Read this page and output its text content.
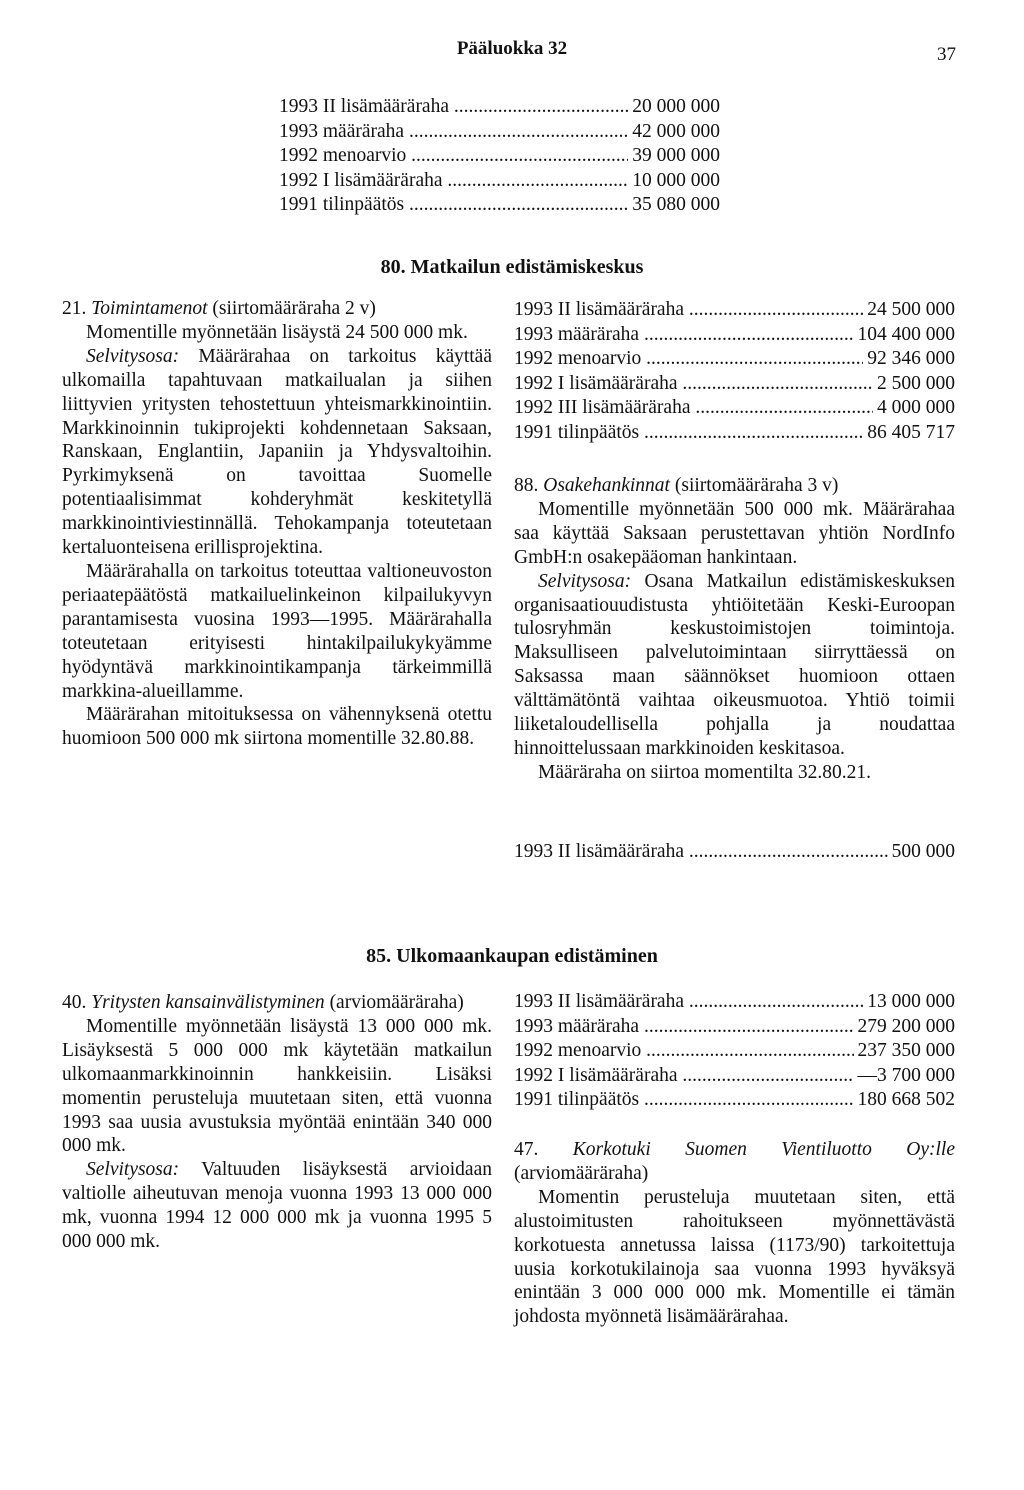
Pääluokka 32	37
1993 II lisämääräraha .....	20 000 000
1993 määräraha .....	42 000 000
1992 menoarvio .....	39 000 000
1992 I lisämääräraha .....	10 000 000
1991 tilinpäätös .....	35 080 000
80. Matkailun edistämiskeskus

21. Toimintamenot (siirtomääräraha 2 v)

Momentille myönnetään lisäystä 24 500 000 mk.

Selvitysosa: Määrärahaa on tarkoitus käyttää ulkomailla tapahtuvaan matkailualan ja siihen liittyvien yritysten tehostettuun yhteismarkkinointiin. Markkinoinnin tukiprojekti kohdennetaan Saksaan, Ranskaan, Englantiin, Japaniin ja Yhdysvaltoihin. Pyrkimyksenä on tavoittaa Suomelle potentiaalisimmat kohderyhmät keskitetyllä markkinointiviestinnällä. Tehokampanja toteutetaan kertaluonteisena erillisprojektina.

Määrärahalla on tarkoitus toteuttaa valtioneuvoston periaatepäätöstä matkailuelinkeinon kilpailukyvyn parantamisesta vuosina 1993—1995. Määrärahalla toteutetaan erityisesti hintakilpailukykyämme hyödyntävä markkinointikampanja tärkeimmillä markkina-alueillamme.

Määrärahan mitoituksessa on vähennyksenä otettu huomioon 500 000 mk siirtona momentille 32.80.88.

1993 II lisämääräraha .....	24 500 000
1993 määräraha .....	104 400 000
1992 menoarvio .....	92 346 000
1992 I lisämääräraha .....	2 500 000
1992 III lisämääräraha .....	4 000 000
1991 tilinpäätös .....	86 405 717

88. Osakehankinnat (siirtomääräraha 3 v)

Momentille myönnetään 500 000 mk. Määrärahaa saa käyttää Saksaan perustettavan yhtiön NordInfo GmbH:n osakepääoman hankintaan.

Selvitysosa: Osana Matkailun edistämiskeskuksen organisaatiouudistusta yhtiöitetään Keski-Euroopan tulosryhmän keskustoimistojen toimintoja. Maksulliseen palvelutoimintaan siirryttäessä on Saksassa maan säännökset huomioon ottaen välttämätöntä vaihtaa oikeusmuotoa. Yhtiö toimii liiketaloudellisella pohjalla ja noudattaa hinnoittelussaan markkinoiden keskitasoa.

Määräraha on siirtoa momentilta 32.80.21.

1993 II lisämääräraha .....	500 000
85. Ulkomaankaupan edistäminen

40. Yritysten kansainvälistyminen (arviomääräraha)

Momentille myönnetään lisäystä 13 000 000 mk. Lisäyksestä 5 000 000 mk käytetään matkailun ulkomaanmarkkinoinnin hankkeisiin. Lisäksi momentin perusteluja muutetaan siten, että vuonna 1993 saa uusia avustuksia myöntää enintään 340 000 000 mk.

Selvitysosa: Valtuuden lisäyksestä arvioidaan valtiolle aiheutuvan menoja vuonna 1993 13 000 000 mk, vuonna 1994 12 000 000 mk ja vuonna 1995 5 000 000 mk.

1993 II lisämääräraha .....	13 000 000
1993 määräraha .....	279 200 000
1992 menoarvio .....	237 350 000
1992 I lisämääräraha .....	—3 700 000
1991 tilinpäätös .....	180 668 502

47. Korkotuki Suomen Vientiluotto Oy:lle (arviomääräraha)

Momentin perusteluja muutetaan siten, että alustoimitusten rahoitukseen myönnettävästä korkotuesta annetussa laissa (1173/90) tarkoitettuja uusia korkotukilainoja saa vuonna 1993 hyväksyä enintään 3 000 000 000 mk. Momentille ei tämän johdosta myönnetä lisämäärärahaa.
